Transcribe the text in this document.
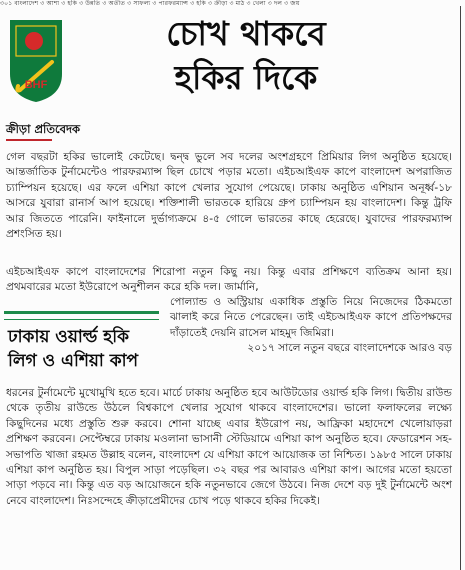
৩০১ বাংলাদেশ ৩ আশা ৩ হকি ৩ উন্নতি ৩ অতীত ৩ সাফল্য ৩ পারফরম্যান্স ৩ হকি ৩ ক্রীড়া ৩ মাঠ ৩ খেলা ৩ দল ৩ জয়
BHF
চোখ থাকবে
হকির দিকে
ক্রীড়া প্রতিবেদক
গেল বছরটা হকির ভালোই কেটেছে। দ্বন্দ্ব ভুলে সব দলের অংশগ্রহণে প্রিমিয়ার লিগ অনুষ্ঠিত হয়েছে। আন্তর্জাতিক টুর্নামেন্টেও পারফরম্যান্স ছিল চোখে পড়ার মতো। এইচআইএফ কাপে বাংলাদেশ অপরাজিত চ্যাম্পিয়ন হয়েছে। এর ফলে এশিয়া কাপে খেলার সুযোগ পেয়েছে। ঢাকায় অনুষ্ঠিত এশিয়ান অনূর্ধ্ব-১৮ আসরে যুবারা রানার্স আপ হয়েছে। শক্তিশালী ভারতকে হারিয়ে গ্রুপ চ্যাম্পিয়ন হয় বাংলাদেশ। কিন্তু ট্রফি আর জিততে পারেনি। ফাইনালে দুর্ভাগ্যক্রমে ৪-৫ গোলে ভারতের কাছে হেরেছে। যুবাদের পারফরম্যান্স প্রশংসিত হয়।
এইচআইএফ কাপে বাংলাদেশের শিরোপা নতুন কিছু নয়। কিন্তু এবার প্রশিক্ষণে ব্যতিক্রম আনা হয়। প্রথমবারের মতো ইউরোপে অনুশীলন করে হকি দল। জার্মানি,
ঢাকায় ওয়ার্ল্ড হকি লিগ ও এশিয়া কাপ
পোল্যান্ড ও অস্ট্রিয়ায় একাধিক প্রস্তুতি নিয়ে নিজেদের ঠিকমতো ঝালাই করে নিতে পেরেছেন। তাই এইচআইএফ কাপে প্রতিপক্ষদের দাঁড়াতেই দেয়নি রাসেল মাহমুদ জিমিরা।

২০১৭ সালে নতুন বছরে বাংলাদেশকে আরও বড়
ধরনের টুর্নামেন্টে মুখোমুখি হতে হবে। মার্চে ঢাকায় অনুষ্ঠিত হবে আউটডোর ওয়ার্ল্ড হকি লিগ। দ্বিতীয় রাউন্ড থেকে তৃতীয় রাউন্ডে উঠলে বিশ্বকাপে খেলার সুযোগ থাকবে বাংলাদেশের। ভালো ফলাফলের লক্ষ্যে কিছুদিনের মধ্যে প্রস্তুতি শুরু করবে। শোনা যাচ্ছে এবার ইউরোপ নয়, আফ্রিকা মহাদেশে খেলোয়াড়রা প্রশিক্ষণ করবেন। সেপ্টেম্বরে ঢাকায় মওলানা ভাসানী স্টেডিয়ামে এশিয়া কাপ অনুষ্ঠিত হবে। ফেডারেশন সহ-সভাপতি খাজা রহমত উল্লাহ বলেন, বাংলাদেশ যে এশিয়া কাপে আয়োজক তা নিশ্চিত। ১৯৮৫ সালে ঢাকায় এশিয়া কাপ অনুষ্ঠিত হয়। বিপুল সাড়া পড়েছিল। ৩২ বছর পর আবারও এশিয়া কাপ। আগের মতো হয়তো সাড়া পড়বে না। কিন্তু এত বড় আয়োজনে হকি নতুনভাবে জেগে উঠবে। নিজ দেশে বড় দুই টুর্নামেন্টে অংশ নেবে বাংলাদেশ। নিঃসন্দেহে ক্রীড়াপ্রেমীদের চোখ পড়ে থাকবে হকির দিকেই।
